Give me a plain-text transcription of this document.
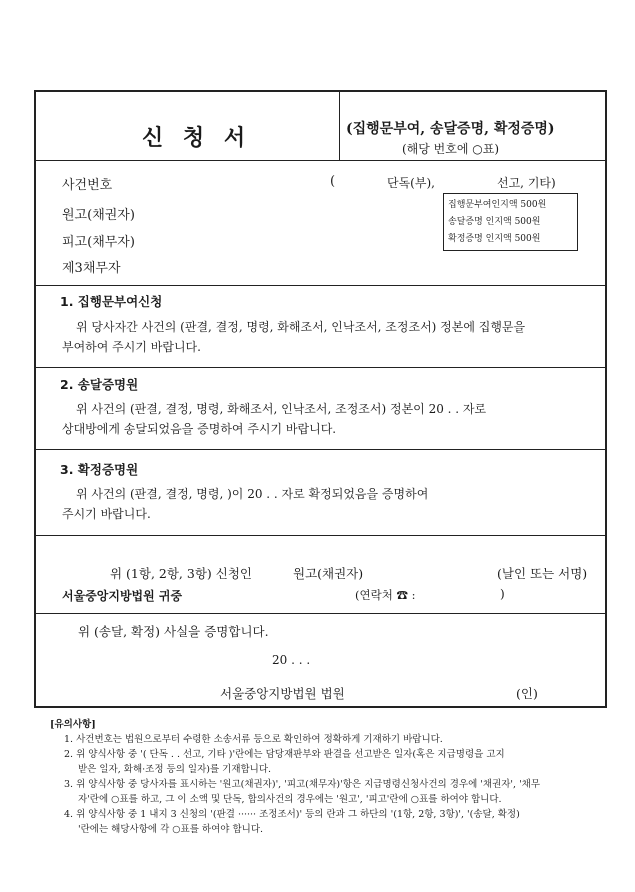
신 청 서	(집행문부여, 송달증명, 확정증명)
(해당 번호에 ○표)
사건번호	(	단독(부),	선고, 기타)
집행문부여인지액 500원
송달증명 인지액 500원
확정증명 인지액 500원
원고(채권자)
피고(채무자)
제3채무자
1. 집행문부여신청
위 당사자간 사건의 (판결, 결정, 명령, 화해조서, 인낙조서, 조정조서) 정본에 집행문을
부여하여 주시기 바랍니다.
2. 송달증명원
위 사건의 (판결, 결정, 명령, 화해조서, 인낙조서, 조정조서) 정본이 20 . . 자로
상대방에게 송달되었음을 증명하여 주시기 바랍니다.
3. 확정증명원
위 사건의 (판결, 결정, 명령, )이 20 . . 자로 확정되었음을 증명하여
주시기 바랍니다.
위 (1항, 2항, 3항) 신청인	원고(채권자)	(날인 또는 서명)
서울중앙지방법원 귀중	(연락처 ☎ :	)
위 (송달, 확정) 사실을 증명합니다.
20 . . .
서울중앙지방법원 법원	(인)
[유의사항]
1. 사건번호는 법원으로부터 수령한 소송서류 등으로 확인하여 정확하게 기재하기 바랍니다.
2. 위 양식사항 중 '( 단독 . . 선고, 기타 )'란에는 담당재판부와 판결을 선고받은 일자(혹은 지급명령을 고지
받은 일자, 화해·조정 등의 일자)를 기재합니다.
3. 위 양식사항 중 당사자를 표시하는 '원고(채권자)', '피고(채무자)'항은 지급명령신청사건의 경우에 '채권자', '채무
자'란에 ○표를 하고, 그 이 소액 및 단독, 합의사건의 경우에는 '원고', '피고'란에 ○표를 하여야 합니다.
4. 위 양식사항 중 1 내지 3 신청의 '(판결 ······ 조정조서)' 등의 란과 그 하단의 '(1항, 2항, 3항)', '(송달, 확정)
'란에는 해당사항에 각 ○표를 하여야 합니다.
